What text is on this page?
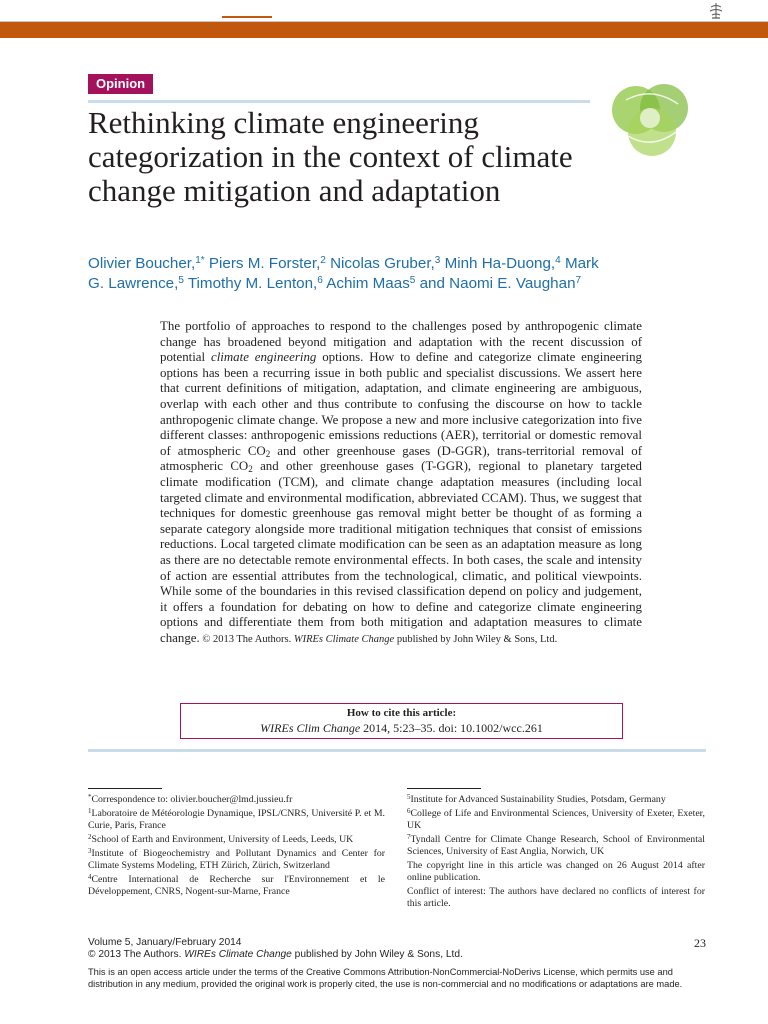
Opinion
Rethinking climate engineering categorization in the context of climate change mitigation and adaptation
Olivier Boucher,$^{1*}$ Piers M. Forster,$^2$ Nicolas Gruber,$^3$ Minh Ha-Duong,$^4$ Mark G. Lawrence,$^5$ Timothy M. Lenton,$^6$ Achim Maas$^5$ and Naomi E. Vaughan$^7$
The portfolio of approaches to respond to the challenges posed by anthropogenic climate change has broadened beyond mitigation and adaptation with the recent discussion of potential climate engineering options. How to define and categorize climate engineering options has been a recurring issue in both public and specialist discussions. We assert here that current definitions of mitigation, adaptation, and climate engineering are ambiguous, overlap with each other and thus contribute to confusing the discourse on how to tackle anthropogenic climate change. We propose a new and more inclusive categorization into five different classes: anthropogenic emissions reductions (AER), territorial or domestic removal of atmospheric $CO_2$ and other greenhouse gases (D-GGR), trans-territorial removal of atmospheric $CO_2$ and other greenhouse gases (T-GGR), regional to planetary targeted climate modification (TCM), and climate change adaptation measures (including local targeted climate and environmental modification, abbreviated CCAM). Thus, we suggest that techniques for domestic greenhouse gas removal might better be thought of as forming a separate category alongside more traditional mitigation techniques that consist of emissions reductions. Local targeted climate modification can be seen as an adaptation measure as long as there are no detectable remote environmental effects. In both cases, the scale and intensity of action are essential attributes from the technological, climatic, and political viewpoints. While some of the boundaries in this revised classification depend on policy and judgement, it offers a foundation for debating on how to define and categorize climate engineering options and differentiate them from both mitigation and adaptation measures to climate change. © 2013 The Authors. WIREs Climate Change published by John Wiley & Sons, Ltd.
How to cite this article:
WIREs Clim Change 2014, 5:23–35. doi: 10.1002/wcc.261

*Correspondence to: olivier.boucher@lmd.jussieu.fr

$^1$Laboratoire de Météorologie Dynamique, IPSL/CNRS, Université P. et M. Curie, Paris, France

$^2$School of Earth and Environment, University of Leeds, Leeds, UK

$^3$Institute of Biogeochemistry and Pollutant Dynamics and Center for Climate Systems Modeling, ETH Zürich, Zürich, Switzerland

$^4$Centre International de Recherche sur l'Environnement et le Développement, CNRS, Nogent-sur-Marne, France

$^5$Institute for Advanced Sustainability Studies, Potsdam, Germany

$^6$College of Life and Environmental Sciences, University of Exeter, Exeter, UK

$^7$Tyndall Centre for Climate Change Research, School of Environmental Sciences, University of East Anglia, Norwich, UK

The copyright line in this article was changed on 26 August 2014 after online publication.

Conflict of interest: The authors have declared no conflicts of interest for this article.

Volume 5, January/February 2014	23
© 2013 The Authors. WIREs Climate Change published by John Wiley & Sons, Ltd.
This is an open access article under the terms of the Creative Commons Attribution-NonCommercial-NoDerivs License, which permits use and distribution in any medium, provided the original work is properly cited, the use is non-commercial and no modifications or adaptations are made.
